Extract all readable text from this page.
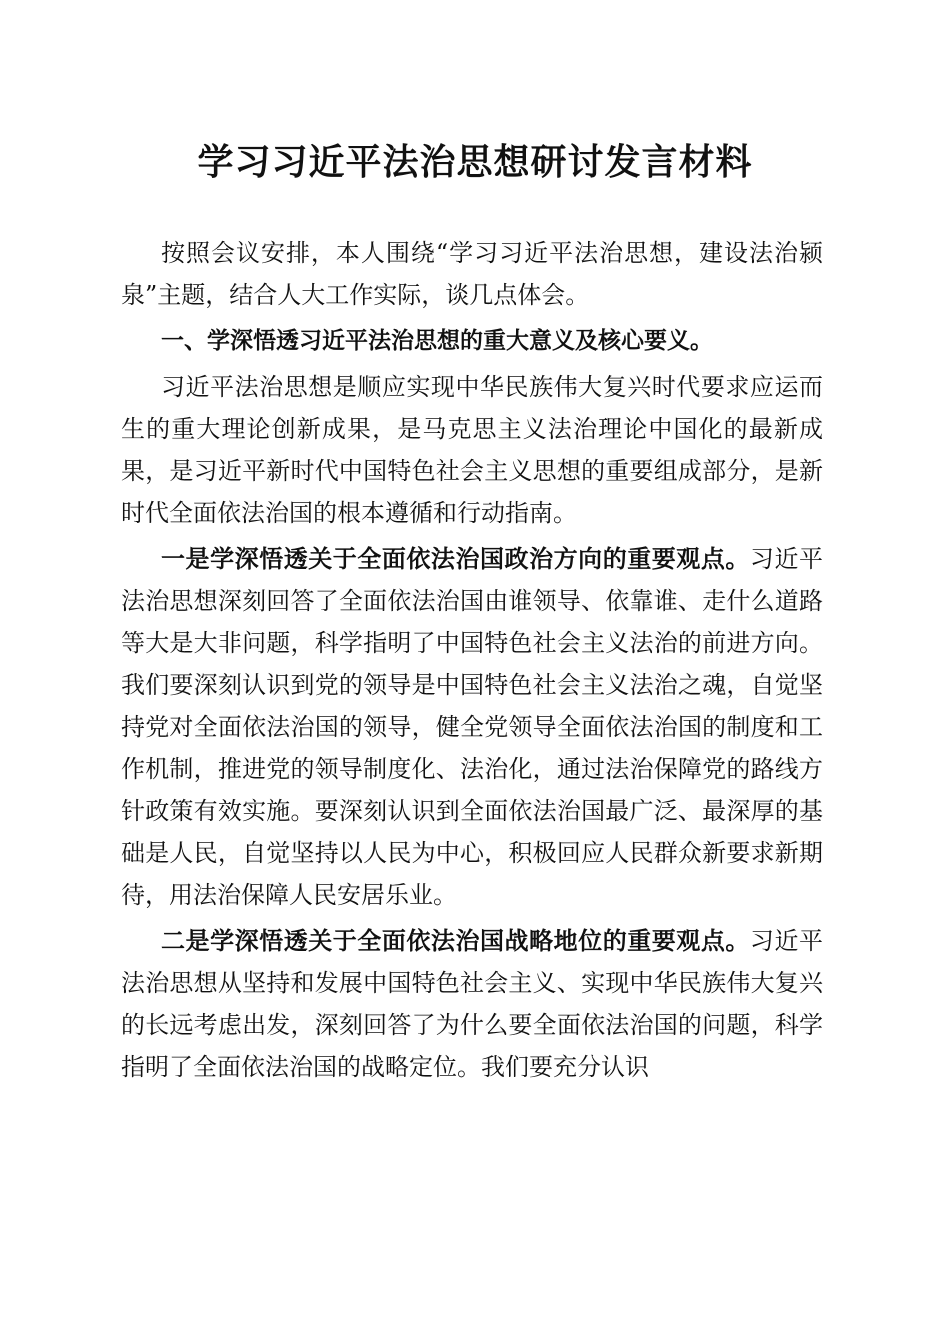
学习习近平法治思想研讨发言材料

按照会议安排，本人围绕“学习习近平法治思想，建设法治颍泉”主题，结合人大工作实际，谈几点体会。

一、学深悟透习近平法治思想的重大意义及核心要义。

习近平法治思想是顺应实现中华民族伟大复兴时代要求应运而生的重大理论创新成果，是马克思主义法治理论中国化的最新成果，是习近平新时代中国特色社会主义思想的重要组成部分，是新时代全面依法治国的根本遵循和行动指南。

一是学深悟透关于全面依法治国政治方向的重要观点。习近平法治思想深刻回答了全面依法治国由谁领导、依靠谁、走什么道路等大是大非问题，科学指明了中国特色社会主义法治的前进方向。我们要深刻认识到党的领导是中国特色社会主义法治之魂，自觉坚持党对全面依法治国的领导，健全党领导全面依法治国的制度和工作机制，推进党的领导制度化、法治化，通过法治保障党的路线方针政策有效实施。要深刻认识到全面依法治国最广泛、最深厚的基础是人民，自觉坚持以人民为中心，积极回应人民群众新要求新期待，用法治保障人民安居乐业。

二是学深悟透关于全面依法治国战略地位的重要观点。习近平法治思想从坚持和发展中国特色社会主义、实现中华民族伟大复兴的长远考虑出发，深刻回答了为什么要全面依法治国的问题，科学指明了全面依法治国的战略定位。我们要充分认识
